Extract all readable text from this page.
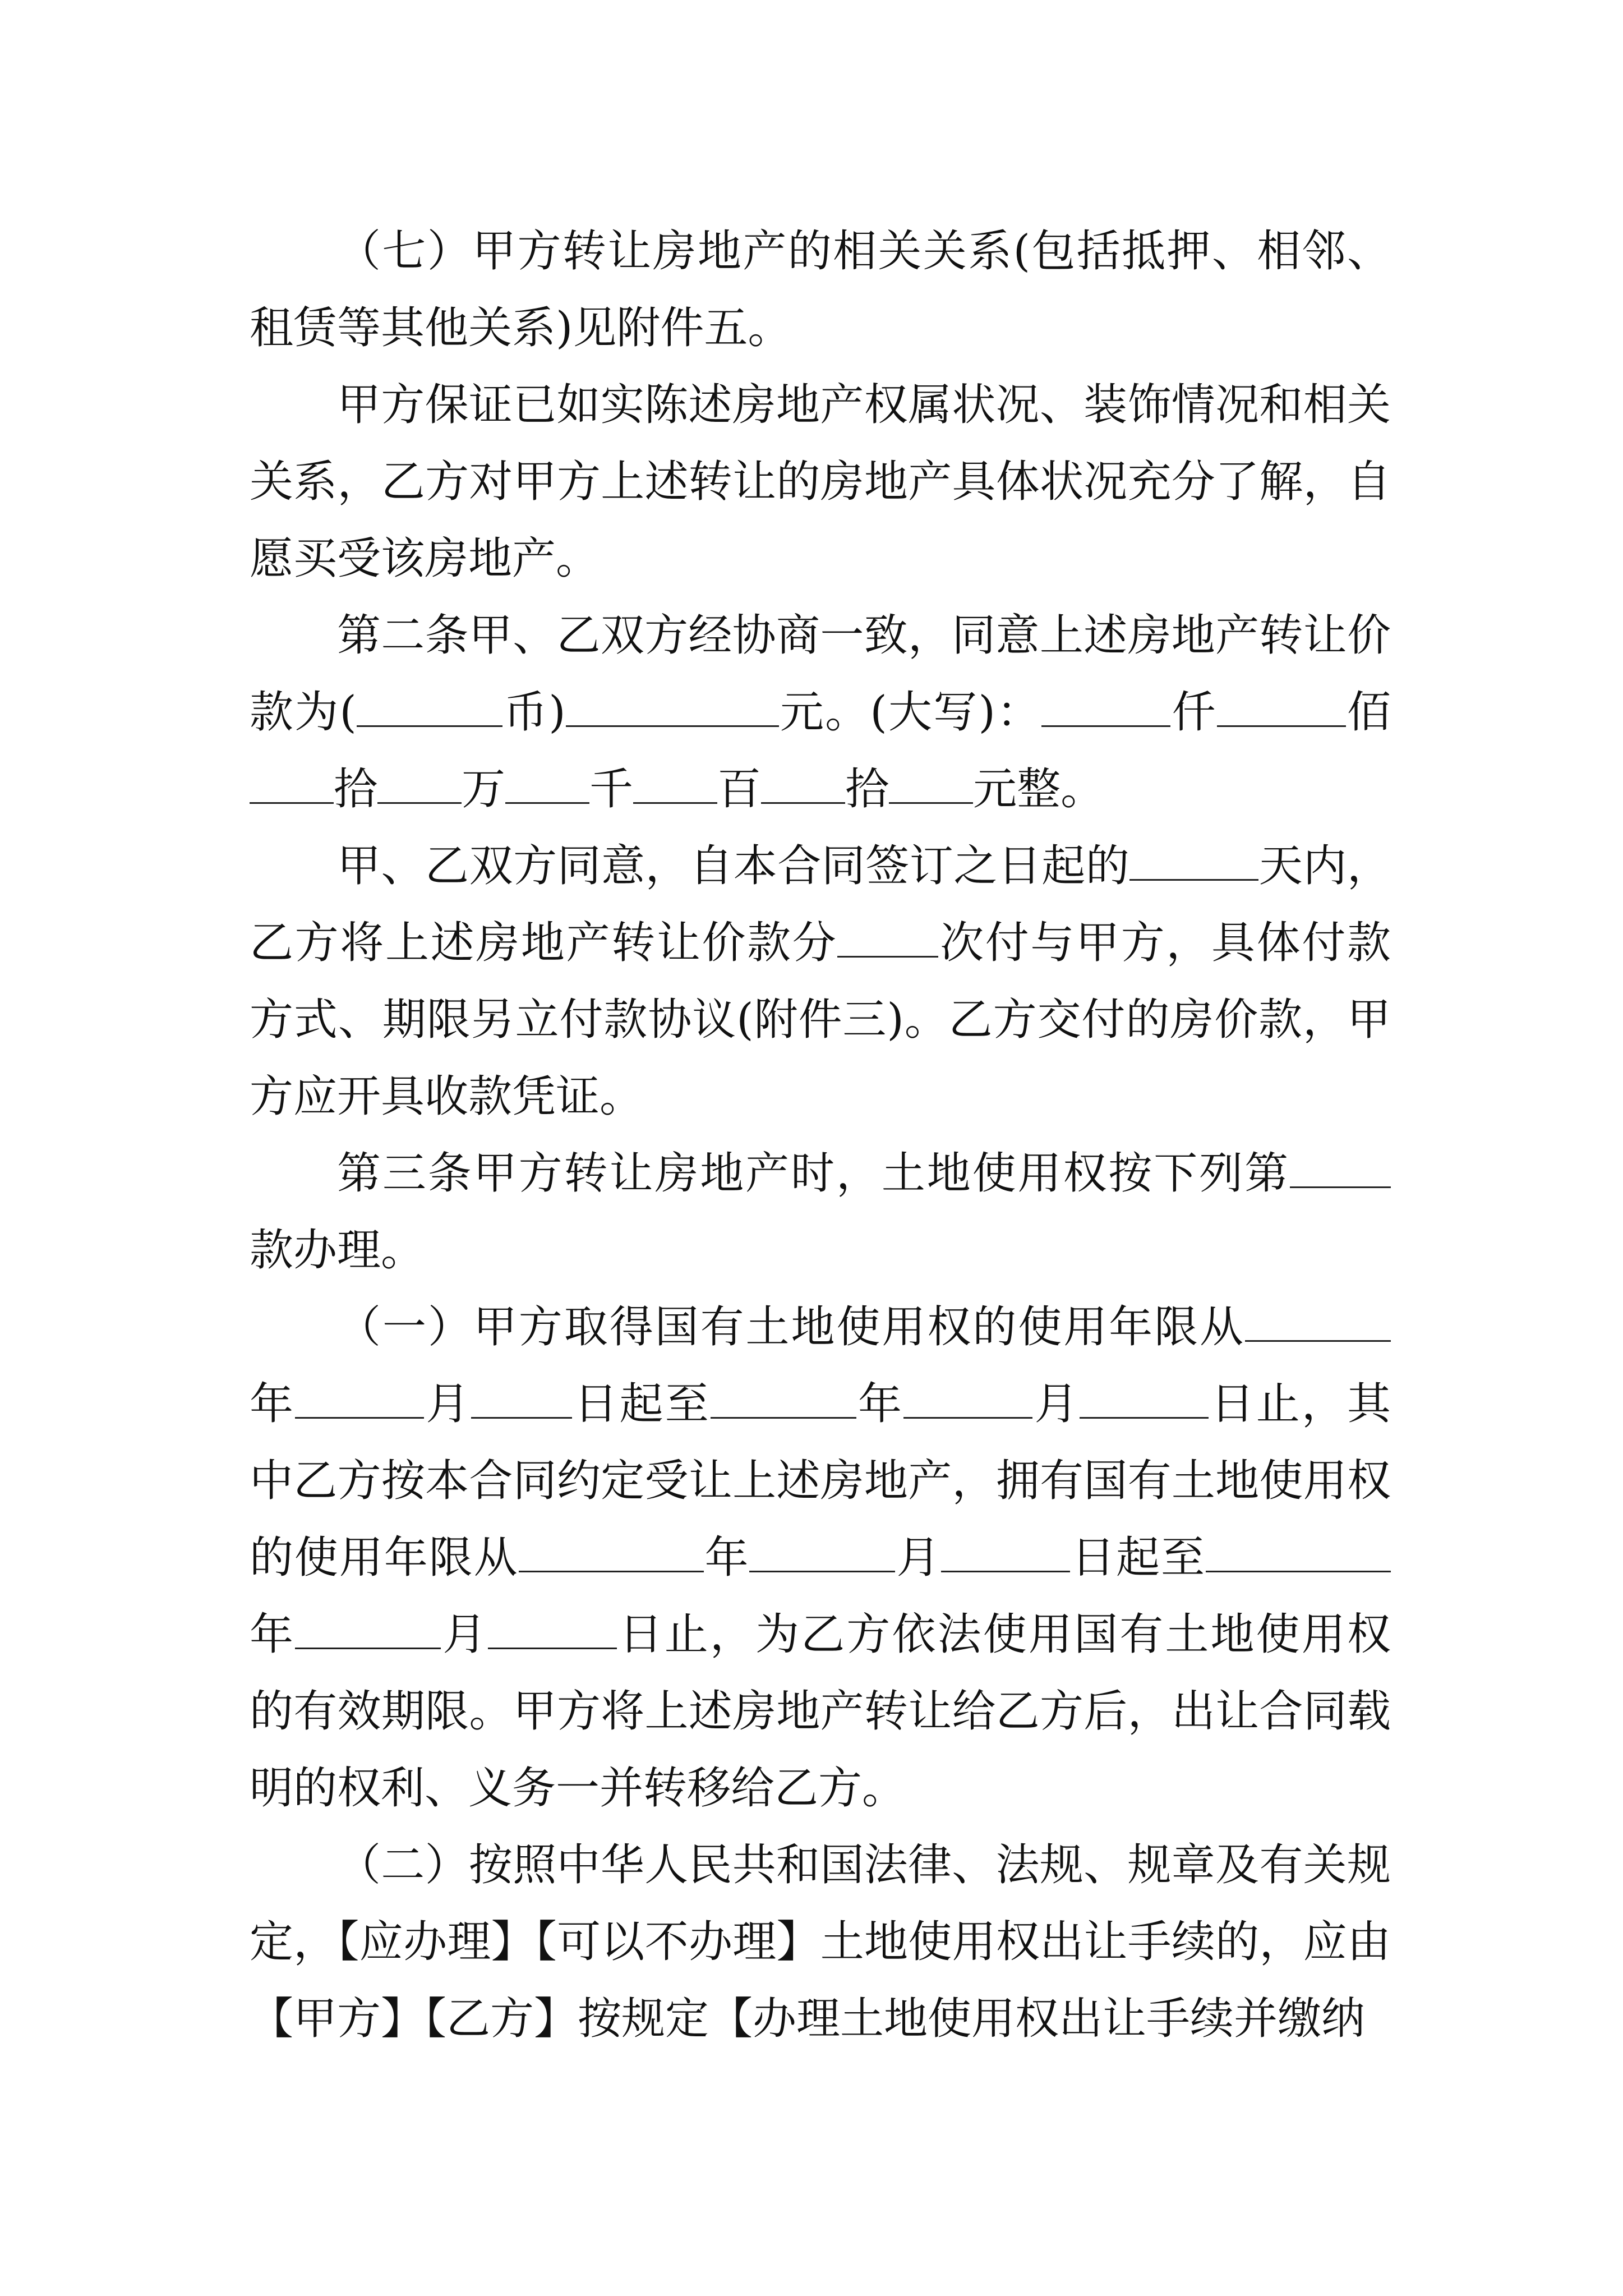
（七）甲方转让房地产的相关关系(包括抵押、相邻、租赁等其他关系)见附件五。

甲方保证已如实陈述房地产权属状况、装饰情况和相关关系，乙方对甲方上述转让的房地产具体状况充分了解，自愿买受该房地产。

第二条甲、乙双方经协商一致，同意上述房地产转让价款为(	币)	元。(大写)：	仟	佰拾 万 千 百 拾 元整。

甲、乙双方同意，自本合同签订之日起的	天内，乙方将上述房地产转让价款分 次付与甲方，具体付款方式、期限另立付款协议(附件三)。乙方交付的房价款，甲方应开具收款凭证。

第三条甲方转让房地产时，土地使用权按下列第款办理。

（一）甲方取得国有土地使用权的使用年限从年	月 日起至	年	月	日止，其中乙方按本合同约定受让上述房地产，拥有国有土地使用权的使用年限从	年	月	日起至年	月	日止，为乙方依法使用国有土地使用权的有效期限。甲方将上述房地产转让给乙方后，出让合同载明的权利、义务一并转移给乙方。

（二）按照中华人民共和国法律、法规、规章及有关规定，【应办理】【可以不办理】土地使用权出让手续的，应由【甲方】【乙方】按规定【办理土地使用权出让手续并缴纳
